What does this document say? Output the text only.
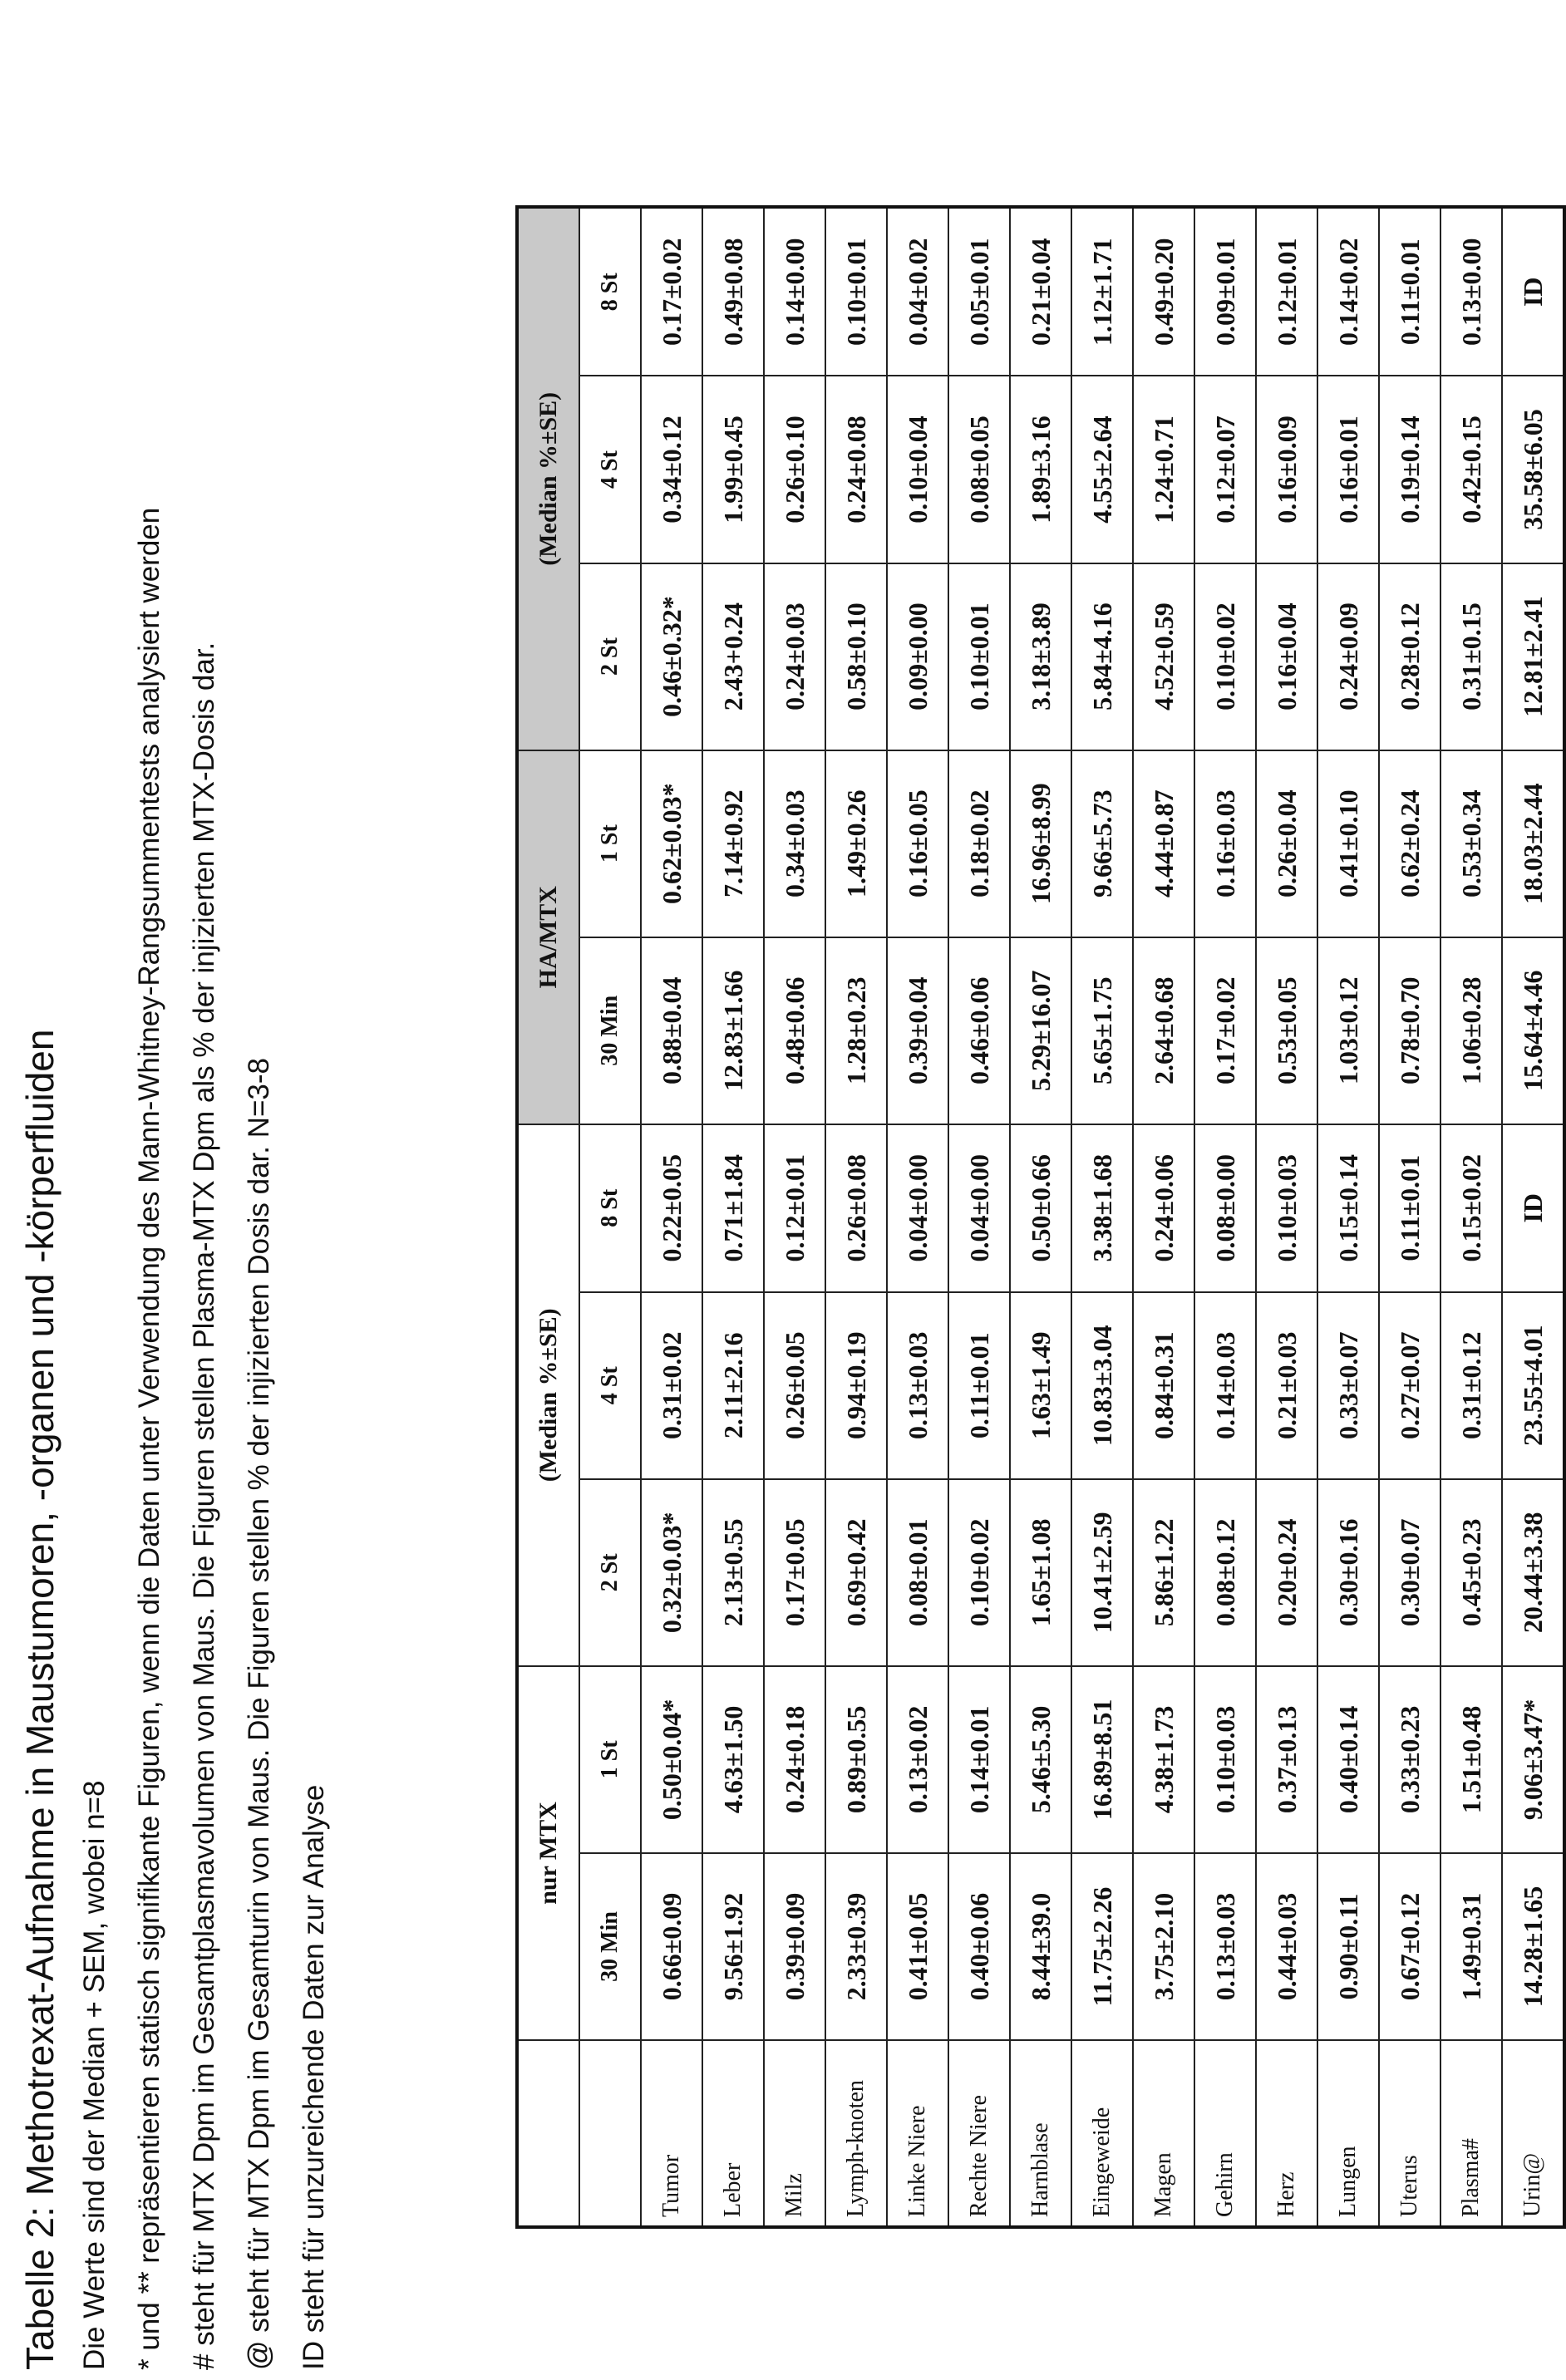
Tabelle 2: Methotrexat-Aufnahme in Maustumoren, -organen und -körperfluiden Die Werte sind der Median + SEM, wobei n=8 * und ** repräsentieren statisch signifikante Figuren, wenn die Daten unter Verwendung des Mann-Whitney-Rangsummentests analysiert werden # steht für MTX Dpm im Gesamtplasmavolumen von Maus. Die Figuren stellen Plasma-MTX Dpm als % der injizierten MTX-Dosis dar. @ steht für MTX Dpm im Gesamturin von Maus. Die Figuren stellen % der injizierten Dosis dar. N=3-8 ID steht für unzureichende Daten zur Analyse
		nur MTX		(Median %±SE)			HA/MTX		(Median %±SE)		
	30 Min	1 St	2 St	4 St	8 St	30 Min	1 St	2 St	4 St	8 St
Tumor	0.66±0.09	0.50±0.04*	0.32±0.03*	0.31±0.02	0.22±0.05	0.88±0.04	0.62±0.03*	0.46±0.32*	0.34±0.12	0.17±0.02
Leber	9.56±1.92	4.63±1.50	2.13±0.55	2.11±2.16	0.71±1.84	12.83±1.66	7.14±0.92	2.43+0.24	1.99±0.45	0.49±0.08
Milz	0.39±0.09	0.24±0.18	0.17±0.05	0.26±0.05	0.12±0.01	0.48±0.06	0.34±0.03	0.24±0.03	0.26±0.10	0.14±0.00
Lymph-knoten	2.33±0.39	0.89±0.55	0.69±0.42	0.94±0.19	0.26±0.08	1.28±0.23	1.49±0.26	0.58±0.10	0.24±0.08	0.10±0.01
Linke Niere	0.41±0.05	0.13±0.02	0.08±0.01	0.13±0.03	0.04±0.00	0.39±0.04	0.16±0.05	0.09±0.00	0.10±0.04	0.04±0.02
Rechte Niere	0.40±0.06	0.14±0.01	0.10±0.02	0.11±0.01	0.04±0.00	0.46±0.06	0.18±0.02	0.10±0.01	0.08±0.05	0.05±0.01
Harnblase	8.44±39.0	5.46±5.30	1.65±1.08	1.63±1.49	0.50±0.66	5.29±16.07	16.96±8.99	3.18±3.89	1.89±3.16	0.21±0.04
Eingeweide	11.75±2.26	16.89±8.51	10.41±2.59	10.83±3.04	3.38±1.68	5.65±1.75	9.66±5.73	5.84±4.16	4.55±2.64	1.12±1.71
Magen	3.75±2.10	4.38±1.73	5.86±1.22	0.84±0.31	0.24±0.06	2.64±0.68	4.44±0.87	4.52±0.59	1.24±0.71	0.49±0.20
Gehirn	0.13±0.03	0.10±0.03	0.08±0.12	0.14±0.03	0.08±0.00	0.17±0.02	0.16±0.03	0.10±0.02	0.12±0.07	0.09±0.01
Herz	0.44±0.03	0.37±0.13	0.20±0.24	0.21±0.03	0.10±0.03	0.53±0.05	0.26±0.04	0.16±0.04	0.16±0.09	0.12±0.01
Lungen	0.90±0.11	0.40±0.14	0.30±0.16	0.33±0.07	0.15±0.14	1.03±0.12	0.41±0.10	0.24±0.09	0.16±0.01	0.14±0.02
Uterus	0.67±0.12	0.33±0.23	0.30±0.07	0.27±0.07	0.11±0.01	0.78±0.70	0.62±0.24	0.28±0.12	0.19±0.14	0.11±0.01
Plasma#	1.49±0.31	1.51±0.48	0.45±0.23	0.31±0.12	0.15±0.02	1.06±0.28	0.53±0.34	0.31±0.15	0.42±0.15	0.13±0.00
Urin@	14.28±1.65	9.06±3.47*	20.44±3.38	23.55±4.01	ID	15.64±4.46	18.03±2.44	12.81±2.41	35.58±6.05	ID
